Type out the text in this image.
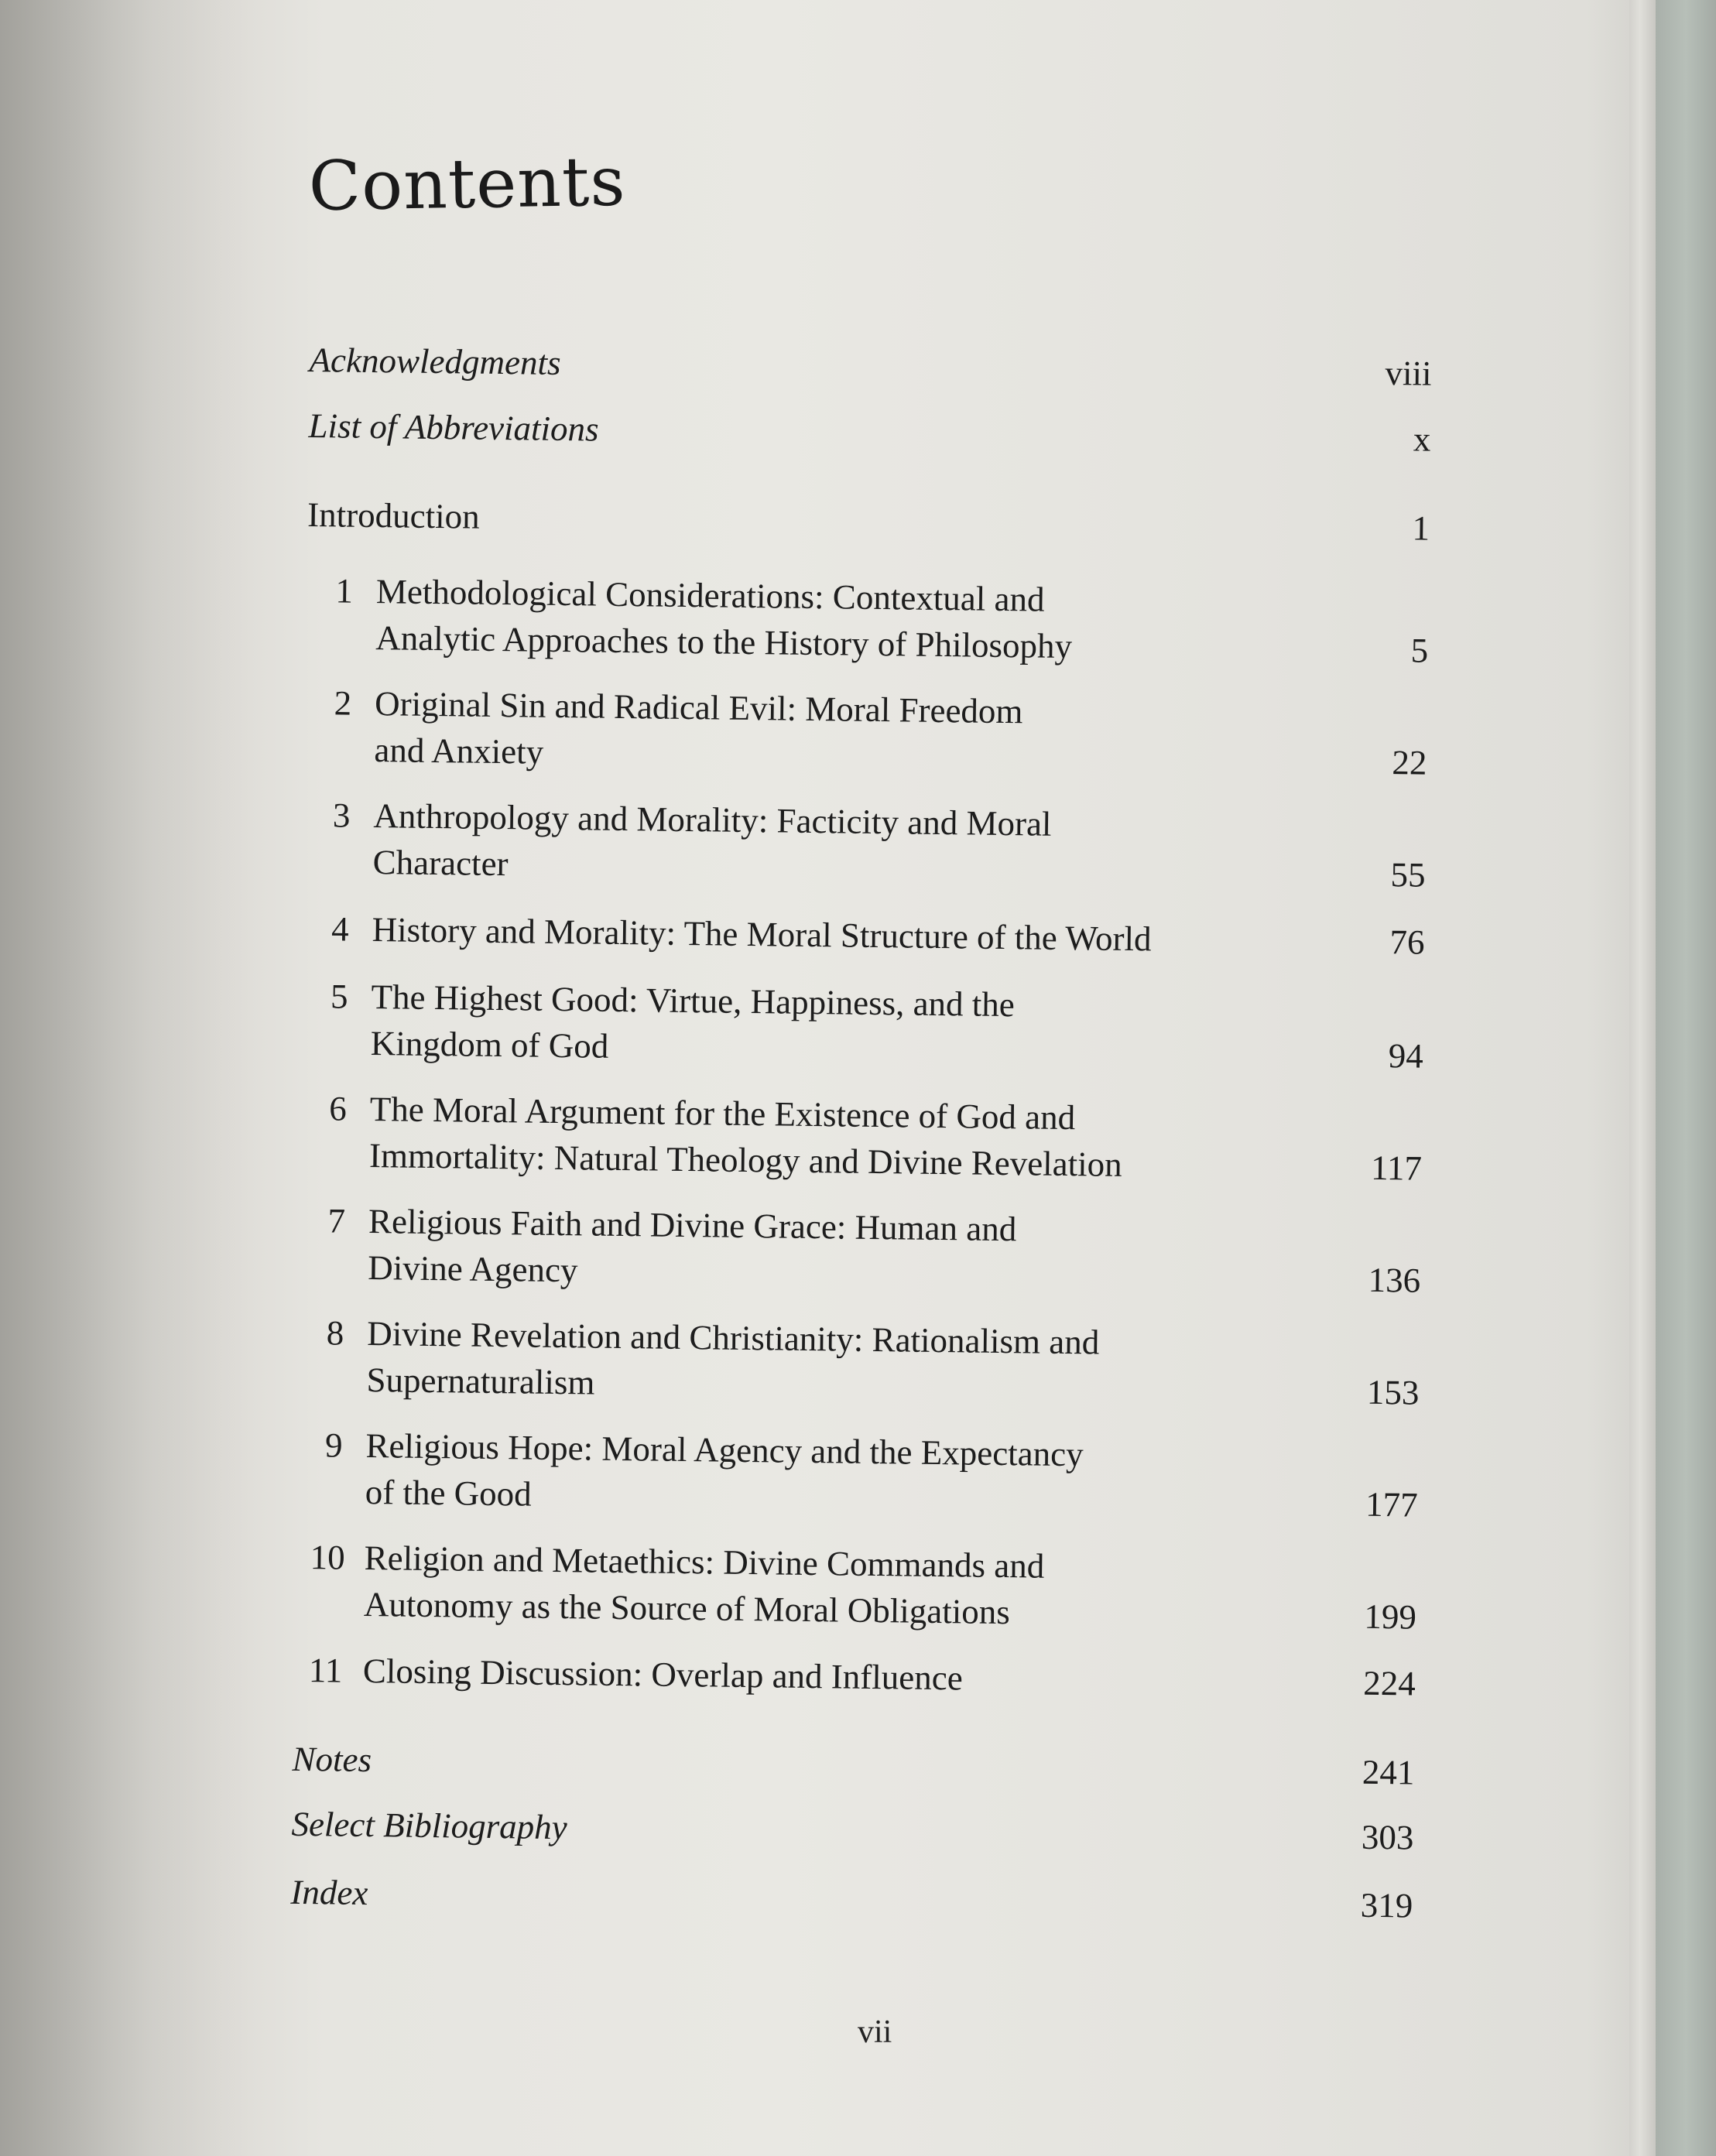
Contents
Acknowledgments	viii
List of Abbreviations	x
Introduction	1
1 Methodological Considerations: Contextual and
Analytic Approaches to the History of Philosophy	5
2 Original Sin and Radical Evil: Moral Freedom
and Anxiety	22
3 Anthropology and Morality: Facticity and Moral
Character	55
4 History and Morality: The Moral Structure of the World	76
5 The Highest Good: Virtue, Happiness, and the
Kingdom of God	94
6 The Moral Argument for the Existence of God and
Immortality: Natural Theology and Divine Revelation	117
7 Religious Faith and Divine Grace: Human and
Divine Agency	136
8 Divine Revelation and Christianity: Rationalism and
Supernaturalism	153
9 Religious Hope: Moral Agency and the Expectancy
of the Good	177
10 Religion and Metaethics: Divine Commands and
Autonomy as the Source of Moral Obligations	199
11 Closing Discussion: Overlap and Influence	224
Notes	241
Select Bibliography	303
Index	319
vii
